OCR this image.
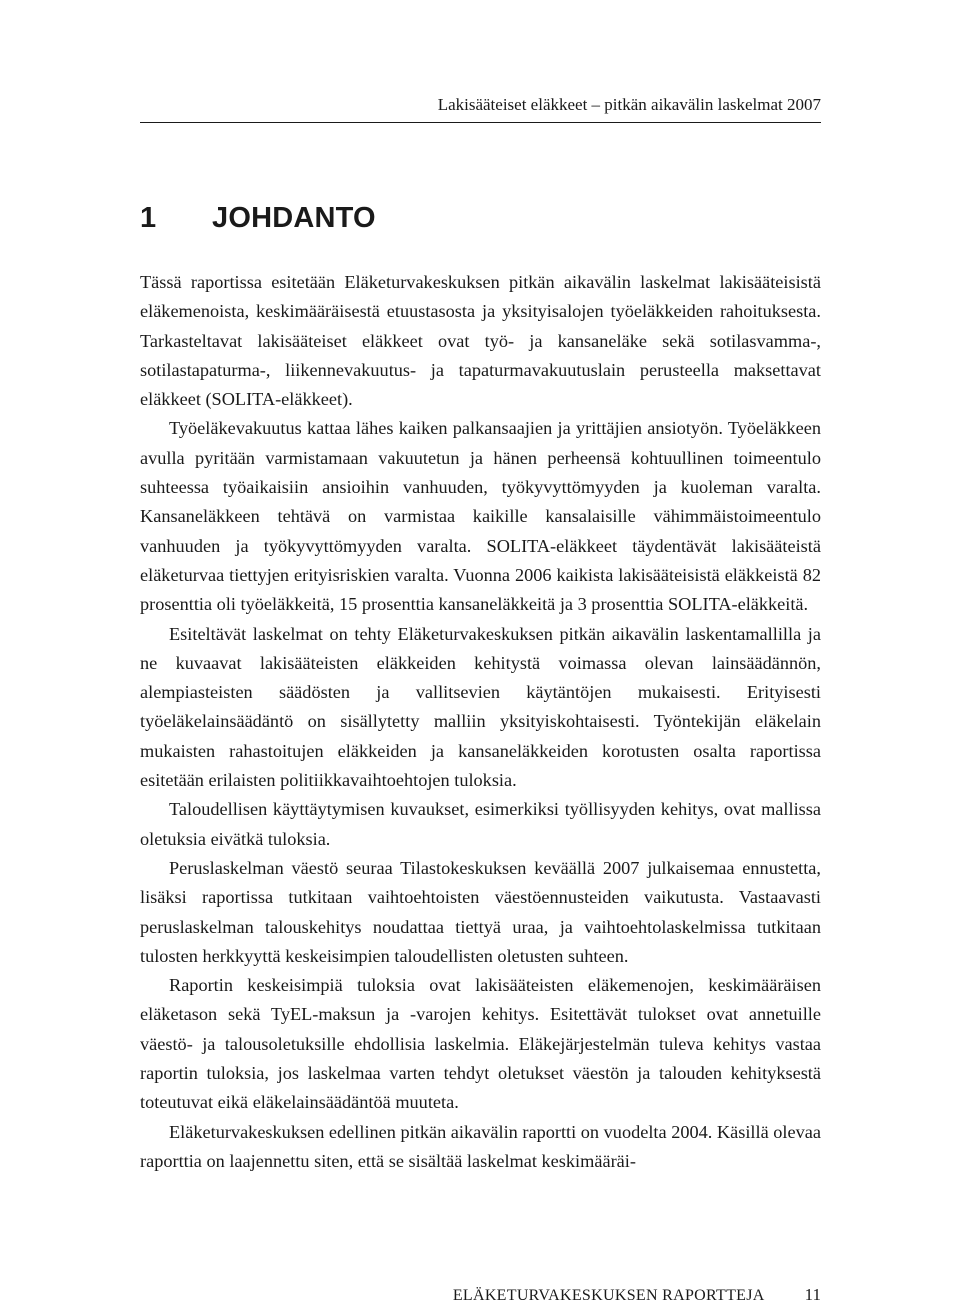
Lakisääteiset eläkkeet – pitkän aikavälin laskelmat 2007
1 JOHDANTO

Tässä raportissa esitetään Eläketurvakeskuksen pitkän aikavälin laskelmat lakisääteisistä eläkemenoista, keskimääräisestä etuustasosta ja yksityisalojen työeläkkeiden rahoituksesta. Tarkasteltavat lakisääteiset eläkkeet ovat työ- ja kansaneläke sekä sotilasvamma-, sotilastapaturma-, liikennevakuutus- ja tapaturmavakuutuslain perusteella maksettavat eläkkeet (SOLITA-eläkkeet).

Työeläkevakuutus kattaa lähes kaiken palkansaajien ja yrittäjien ansiotyön. Työeläkkeen avulla pyritään varmistamaan vakuutetun ja hänen perheensä kohtuullinen toimeentulo suhteessa työaikaisiin ansioihin vanhuuden, työkyvyttömyyden ja kuoleman varalta. Kansaneläkkeen tehtävä on varmistaa kaikille kansalaisille vähimmäistoimeentulo vanhuuden ja työkyvyttömyyden varalta. SOLITA-eläkkeet täydentävät lakisääteistä eläketurvaa tiettyjen erityisriskien varalta. Vuonna 2006 kaikista lakisääteisistä eläkkeistä 82 prosenttia oli työeläkkeitä, 15 prosenttia kansaneläkkeitä ja 3 prosenttia SOLITA-eläkkeitä.

Esiteltävät laskelmat on tehty Eläketurvakeskuksen pitkän aikavälin laskentamallilla ja ne kuvaavat lakisääteisten eläkkeiden kehitystä voimassa olevan lainsäädännön, alempiasteisten säädösten ja vallitsevien käytäntöjen mukaisesti. Erityisesti työeläkelainsäädäntö on sisällytetty malliin yksityiskohtaisesti. Työntekijän eläkelain mukaisten rahastoitujen eläkkeiden ja kansaneläkkeiden korotusten osalta raportissa esitetään erilaisten politiikkavaihtoehtojen tuloksia.

Taloudellisen käyttäytymisen kuvaukset, esimerkiksi työllisyyden kehitys, ovat mallissa oletuksia eivätkä tuloksia.

Peruslaskelman väestö seuraa Tilastokeskuksen keväällä 2007 julkaisemaa ennustetta, lisäksi raportissa tutkitaan vaihtoehtoisten väestöennusteiden vaikutusta. Vastaavasti peruslaskelman talouskehitys noudattaa tiettyä uraa, ja vaihtoehtolaskelmissa tutkitaan tulosten herkkyyttä keskeisimpien taloudellisten oletusten suhteen.

Raportin keskeisimpiä tuloksia ovat lakisääteisten eläkemenojen, keskimääräisen eläketason sekä TyEL-maksun ja -varojen kehitys. Esitettävät tulokset ovat annetuille väestö- ja talousoletuksille ehdollisia laskelmia. Eläkejärjestelmän tuleva kehitys vastaa raportin tuloksia, jos laskelmaa varten tehdyt oletukset väestön ja talouden kehityksestä toteutuvat eikä eläkelainsäädäntöä muuteta.

Eläketurvakeskuksen edellinen pitkän aikavälin raportti on vuodelta 2004. Käsillä olevaa raporttia on laajennettu siten, että se sisältää laskelmat keskimääräi-

ELÄKETURVAKESKUKSEN RAPORTTEJA 11
